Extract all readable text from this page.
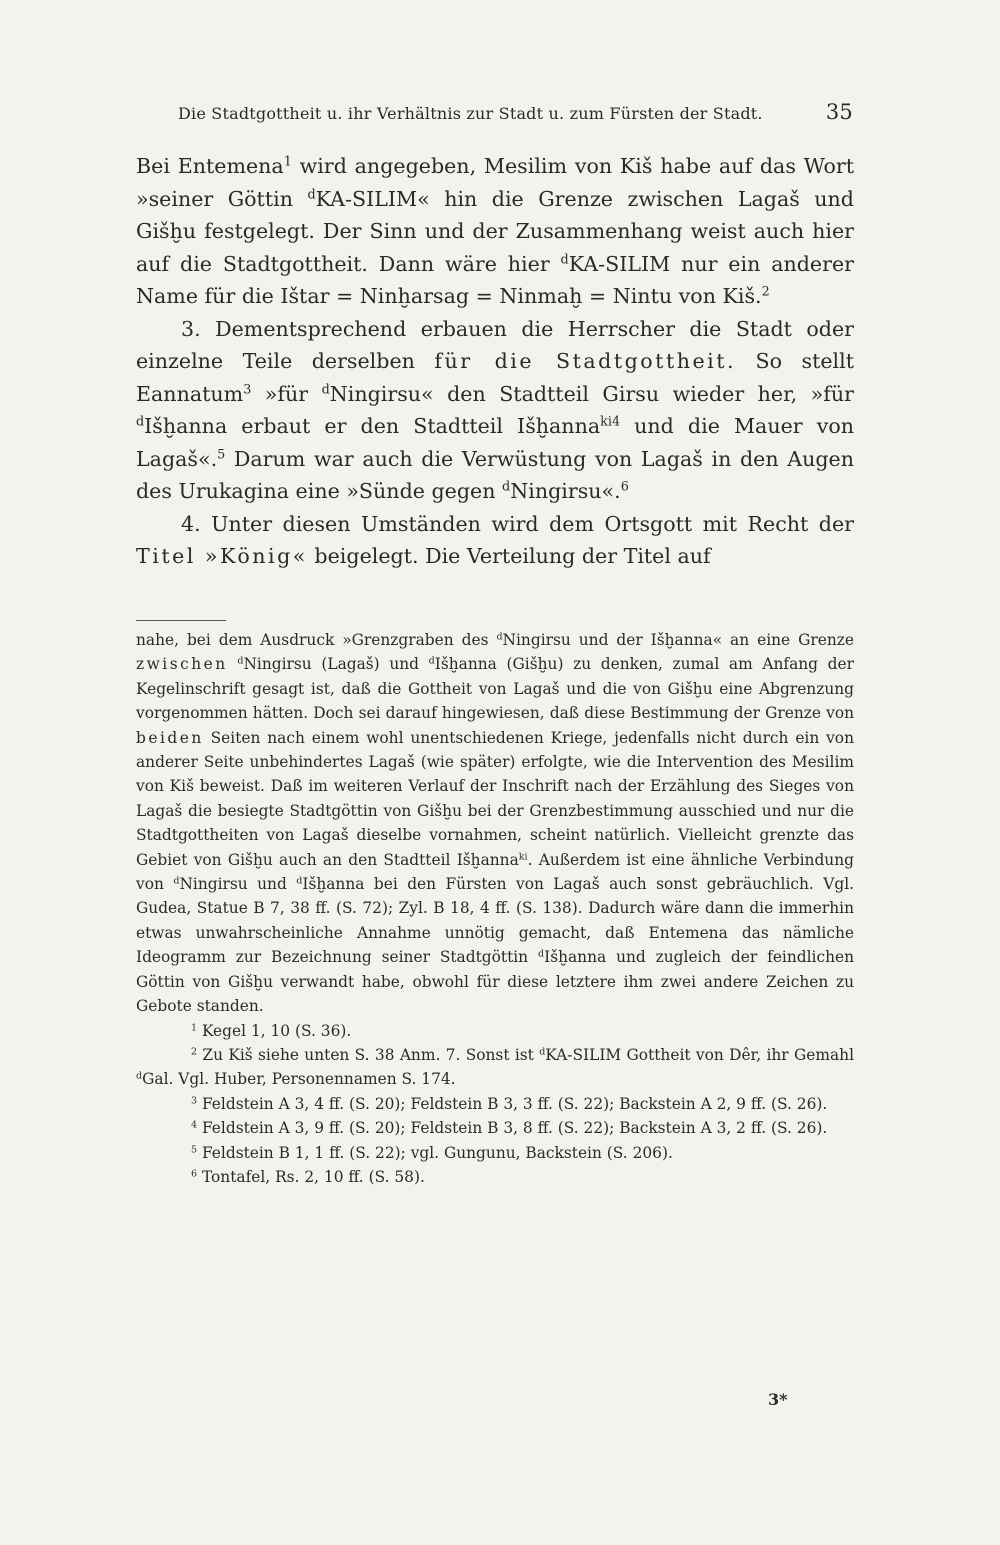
Die Stadtgottheit u. ihr Verhältnis zur Stadt u. zum Fürsten der Stadt.	35

Bei Entemena$^1$ wird angegeben, Mesilim von Kiš habe auf das Wort »seiner Göttin $^d$KA-SILIM« hin die Grenze zwischen Lagaš und Gišḫu festgelegt. Der Sinn und der Zusammenhang weist auch hier auf die Stadtgottheit. Dann wäre hier $^d$KA-SILIM nur ein anderer Name für die Ištar = Ninḫarsag = Ninmaḫ = Nintu von Kiš.$^2$

3. Dementsprechend erbauen die Herrscher die Stadt oder einzelne Teile derselben für die Stadtgottheit. So stellt Eannatum$^3$ »für $^d$Ningirsu« den Stadtteil Girsu wieder her, »für $^d$Išḫanna erbaut er den Stadtteil Išḫanna$^{ki4}$ und die Mauer von Lagaš«.$^5$ Darum war auch die Verwüstung von Lagaš in den Augen des Urukagina eine »Sünde gegen $^d$Ningirsu«.$^6$

4. Unter diesen Umständen wird dem Ortsgott mit Recht der Titel »König« beigelegt. Die Verteilung der Titel auf

nahe, bei dem Ausdruck »Grenzgraben des $^d$Ningirsu und der Išḫanna« an eine Grenze zwischen $^d$Ningirsu (Lagaš) und $^d$Išḫanna (Gišḫu) zu denken, zumal am Anfang der Kegelinschrift gesagt ist, daß die Gottheit von Lagaš und die von Gišḫu eine Abgrenzung vorgenommen hätten. Doch sei darauf hingewiesen, daß diese Bestimmung der Grenze von beiden Seiten nach einem wohl unentschiedenen Kriege, jedenfalls nicht durch ein von anderer Seite unbehindertes Lagaš (wie später) erfolgte, wie die Intervention des Mesilim von Kiš beweist. Daß im weiteren Verlauf der Inschrift nach der Erzählung des Sieges von Lagaš die besiegte Stadtgöttin von Gišḫu bei der Grenzbestimmung ausschied und nur die Stadtgottheiten von Lagaš dieselbe vornahmen, scheint natürlich. Vielleicht grenzte das Gebiet von Gišḫu auch an den Stadtteil Išḫanna$^{ki}$. Außerdem ist eine ähnliche Verbindung von $^d$Ningirsu und $^d$Išḫanna bei den Fürsten von Lagaš auch sonst gebräuchlich. Vgl. Gudea, Statue B 7, 38 ff. (S. 72); Zyl. B 18, 4 ff. (S. 138). Dadurch wäre dann die immerhin etwas unwahrscheinliche Annahme unnötig gemacht, daß Entemena das nämliche Ideogramm zur Bezeichnung seiner Stadtgöttin $^d$Išḫanna und zugleich der feindlichen Göttin von Gišḫu verwandt habe, obwohl für diese letztere ihm zwei andere Zeichen zu Gebote standen.

$^1$ Kegel 1, 10 (S. 36).

$^2$ Zu Kiš siehe unten S. 38 Anm. 7. Sonst ist $^d$KA-SILIM Gottheit von Dêr, ihr Gemahl $^d$Gal. Vgl. Huber, Personennamen S. 174.

$^3$ Feldstein A 3, 4 ff. (S. 20); Feldstein B 3, 3 ff. (S. 22); Backstein A 2, 9 ff. (S. 26).

$^4$ Feldstein A 3, 9 ff. (S. 20); Feldstein B 3, 8 ff. (S. 22); Backstein A 3, 2 ff. (S. 26).

$^5$ Feldstein B 1, 1 ff. (S. 22); vgl. Gungunu, Backstein (S. 206).

$^6$ Tontafel, Rs. 2, 10 ff. (S. 58).

3*
